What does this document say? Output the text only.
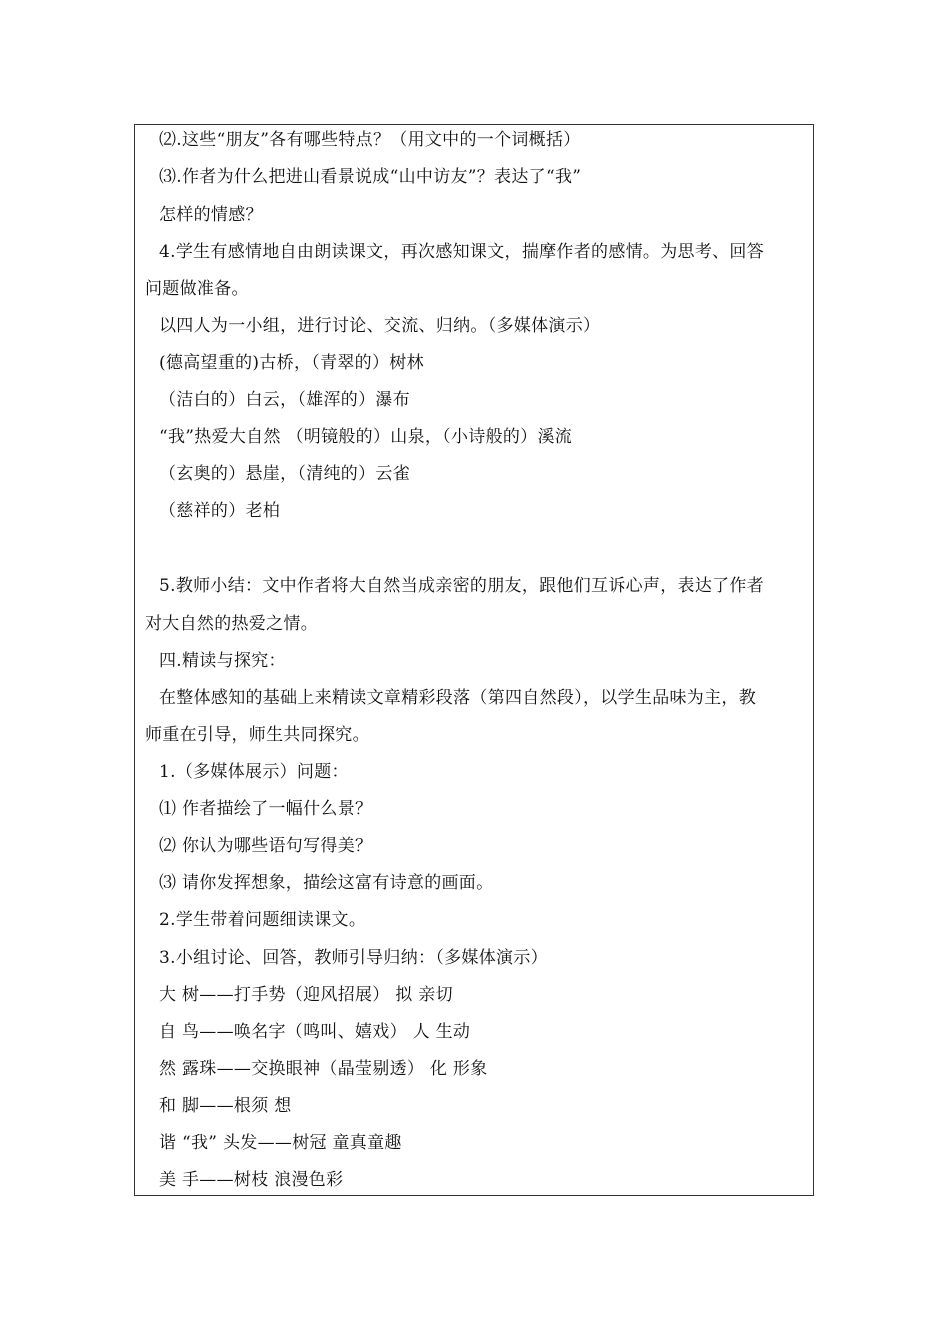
⑵.这些“朋友”各有哪些特点？（用文中的一个词概括）
⑶.作者为什么把进山看景说成“山中访友”？表达了“我”
怎样的情感？
4.学生有感情地自由朗读课文，再次感知课文，揣摩作者的感情。为思考、回答
问题做准备。
以四人为一小组，进行讨论、交流、归纳。（多媒体演示）
(德高望重的)古桥，（青翠的）树林
（洁白的）白云，（雄浑的）瀑布
“我”热爱大自然 （明镜般的）山泉，（小诗般的）溪流
（玄奥的）悬崖，（清纯的）云雀
（慈祥的）老柏
5.教师小结：文中作者将大自然当成亲密的朋友，跟他们互诉心声，表达了作者
对大自然的热爱之情。
四.精读与探究：
在整体感知的基础上来精读文章精彩段落（第四自然段），以学生品味为主，教
师重在引导，师生共同探究。
1.（多媒体展示）问题：
⑴ 作者描绘了一幅什么景？
⑵ 你认为哪些语句写得美？
⑶ 请你发挥想象，描绘这富有诗意的画面。
2.学生带着问题细读课文。
3.小组讨论、回答，教师引导归纳：（多媒体演示）
大 树——打手势（迎风招展） 拟 亲切
自 鸟——唤名字（鸣叫、嬉戏） 人 生动
然 露珠——交换眼神（晶莹剔透） 化 形象
和 脚——根须 想
谐 “我” 头发——树冠 童真童趣
美 手——树枝 浪漫色彩
